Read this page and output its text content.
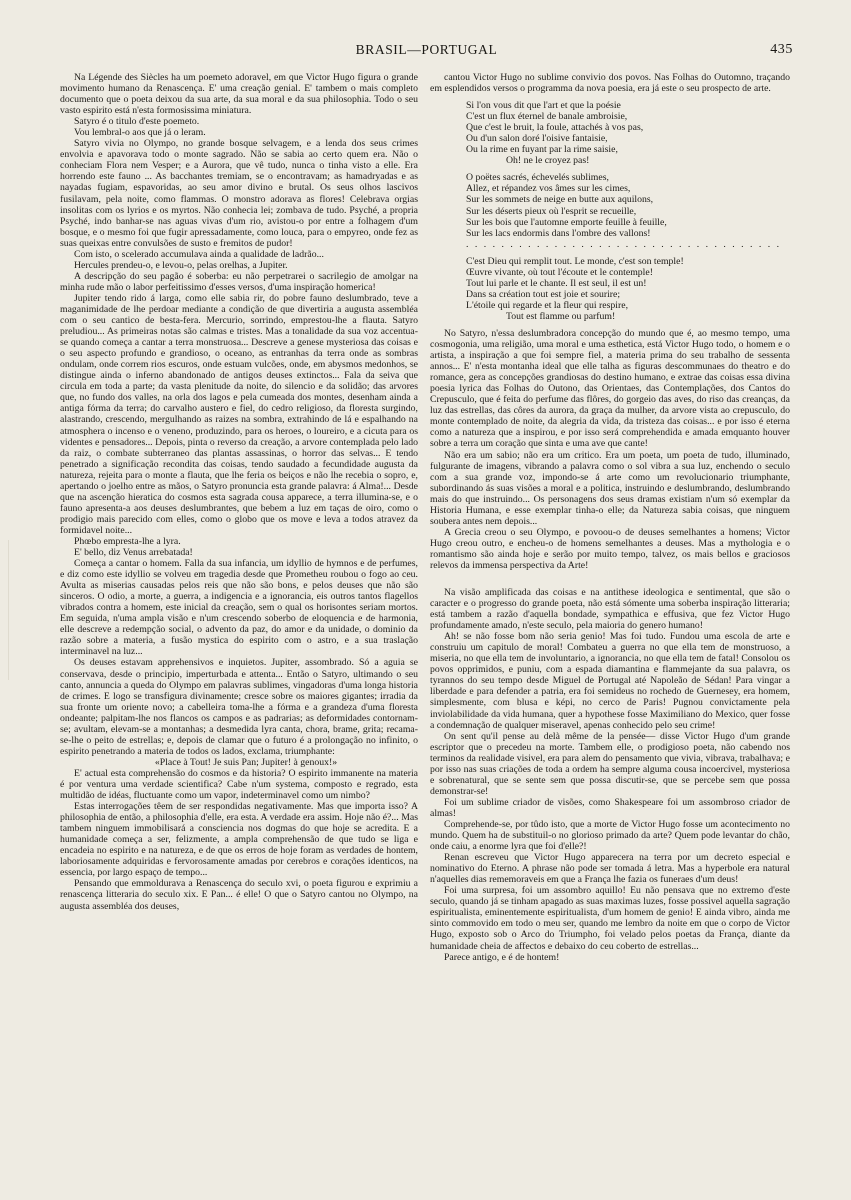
BRASIL—PORTUGAL	435

Na Légende des Siècles ha um poemeto adoravel, em que Victor Hugo figura o grande movimento humano da Renascença. E' uma creação genial. E' tambem o mais completo documento que o poeta deixou da sua arte, da sua moral e da sua philosophia. Todo o seu vasto espirito está n'esta formosissima miniatura.

Satyro é o titulo d'este poemeto.

Vou lembral-o aos que já o leram.

Satyro vivia no Olympo, no grande bosque selvagem, e a lenda dos seus crimes envolvia e apavorava todo o monte sagrado. Não se sabia ao certo quem era. Não o conheciam Flora nem Vesper; e a Aurora, que vê tudo, nunca o tinha visto a elle. Era horrendo este fauno ... As bacchantes tremiam, se o encontravam; as hamadryadas e as nayadas fugiam, espavoridas, ao seu amor divino e brutal. Os seus olhos lascivos fusilavam, pela noite, como flammas. O monstro adorava as flores! Celebrava orgias insolitas com os lyrios e os myrtos. Não conhecia lei; zombava de tudo. Psyché, a propria Psyché, indo banhar-se nas aguas vivas d'um rio, avistou-o por entre a folhagem d'um bosque, e o mesmo foi que fugir apressadamente, como louca, para o empyreo, onde fez as suas queixas entre convulsões de susto e fremitos de pudor!

Com isto, o scelerado accumulava ainda a qualidade de ladrão...

Hercules prendeu-o, e levou-o, pelas orelhas, a Jupiter.

A descripção do seu pagão é soberba: eu não perpetrarei o sacrilegio de amolgar na minha rude mão o labor perfeitissimo d'esses versos, d'uma inspiração homerica!

Jupiter tendo rido á larga, como elle sabia rir, do pobre fauno deslumbrado, teve a maganimidade de lhe perdoar mediante a condição de que divertiria a augusta assembléa com o seu cantico de besta-fera. Mercurio, sorrindo, emprestou-lhe a flauta. Satyro preludiou... As primeiras notas são calmas e tristes. Mas a tonalidade da sua voz accentua-se quando começa a cantar a terra monstruosa... Descreve a genese mysteriosa das coisas e o seu aspecto profundo e grandioso, o oceano, as entranhas da terra onde as sombras ondulam, onde correm rios escuros, onde estuam vulcões, onde, em abysmos medonhos, se distingue ainda o inferno abandonado de antigos deuses extinctos... Fala da seiva que circula em toda a parte; da vasta plenitude da noite, do silencio e da solidão; das arvores que, no fundo dos valles, na orla dos lagos e pela cumeada dos montes, desenham ainda a antiga fórma da terra; do carvalho austero e fiel, do cedro religioso, da floresta surgindo, alastrando, crescendo, mergulhando as raizes na sombra, extrahindo de lá e espalhando na atmosphera o incenso e o veneno, produzindo, para os heroes, o loureiro, e a cicuta para os videntes e pensadores... Depois, pinta o reverso da creação, a arvore contemplada pelo lado da raiz, o combate subterraneo das plantas assassinas, o horror das selvas... E tendo penetrado a significação recondita das coisas, tendo saudado a fecundidade augusta da natureza, rejeita para o monte a flauta, que lhe feria os beiços e não lhe recebia o sopro, e, apertando o joelho entre as mãos, o Satyro pronuncia esta grande palavra: á Alma!... Desde que na ascenção hieratica do cosmos esta sagrada cousa apparece, a terra illumina-se, e o fauno apresenta-a aos deuses deslumbrantes, que bebem a luz em taças de oiro, como o prodigio mais parecido com elles, como o globo que os move e leva a todos atravez da formidavel noite...

Phœbo empresta-lhe a lyra.

E' bello, diz Venus arrebatada!

Começa a cantar o homem. Falla da sua infancia, um idyllio de hymnos e de perfumes, e diz como este idyllio se volveu em tragedia desde que Prometheu roubou o fogo ao ceu. Avulta as miserias causadas pelos reis que não são bons, e pelos deuses que não são sinceros. O odio, a morte, a guerra, a indigencia e a ignorancia, eis outros tantos flagellos vibrados contra a homem, este inicial da creação, sem o qual os horisontes seriam mortos. Em seguida, n'uma ampla visão e n'um crescendo soberbo de eloquencia e de harmonia, elle descreve a redempção social, o advento da paz, do amor e da unidade, o dominio da razão sobre a materia, a fusão mystica do espirito com o astro, e a sua traslação interminavel na luz...

Os deuses estavam apprehensivos e inquietos. Jupiter, assombrado. Só a aguia se conservava, desde o principio, imperturbada e attenta... Então o Satyro, ultimando o seu canto, annuncia a queda do Olympo em palavras sublimes, vingadoras d'uma longa historia de crimes. E logo se transfigura divinamente; cresce sobre os maiores gigantes; irradia da sua fronte um oriente novo; a cabelleira toma-lhe a fórma e a grandeza d'uma floresta ondeante; palpitam-lhe nos flancos os campos e as padrarias; as deformidades contornam-se; avultam, elevam-se a montanhas; a desmedida lyra canta, chora, brame, grita; recama-se-lhe o peito de estrellas; e, depois de clamar que o futuro é a prolongação no infinito, o espirito penetrando a materia de todos os lados, exclama, triumphante:

«Place à Tout! Je suis Pan; Jupiter! à genoux!»

E' actual esta comprehensão do cosmos e da historia? O espirito immanente na materia é por ventura uma verdade scientifica? Cabe n'um systema, composto e regrado, esta multidão de idéas, fluctuante como um vapor, indeterminavel como um nimbo?

Estas interrogações têem de ser respondidas negativamente. Mas que importa isso? A philosophia de então, a philosophia d'elle, era esta. A verdade era assim. Hoje não é?... Mas tambem ninguem immobilisará a consciencia nos dogmas do que hoje se acredita. E a humanidade começa a ser, felizmente, a ampla comprehensão de que tudo se liga e encadeia no espirito e na natureza, e de que os erros de hoje foram as verdades de hontem, laboriosamente adquiridas e fervorosamente amadas por cerebros e corações identicos, na essencia, por largo espaço de tempo...

Pensando que emmoldurava a Renascença do seculo xvi, o poeta figurou e exprimiu a renascença litteraria do seculo xix. E Pan... é elle! O que o Satyro cantou no Olympo, na augusta assembléa dos deuses,

cantou Victor Hugo no sublime convivio dos povos. Nas Folhas do Outomno, traçando em esplendidos versos o programma da nova poesia, era já este o seu prospecto de arte.

Si l'on vous dit que l'art et que la poésie
C'est un flux éternel de banale ambroisie,
Que c'est le bruit, la foule, attachés à vos pas,
Ou d'un salon doré l'oisive fantaisie,
Ou la rime en fuyant par la rime saisie,
Oh! ne le croyez pas!
O poëtes sacrés, échevelés sublimes,
Allez, et répandez vos âmes sur les cimes,
Sur les sommets de neige en butte aux aquilons,
Sur les déserts pieux où l'esprit se recueille,
Sur les bois que l'automne emporte feuille à feuille,
Sur les lacs endormis dans l'ombre des vallons!
. . . . . . . . . . . . . . . . . . . . . . . . . . . . . . . . . . . .
C'est Dieu qui remplit tout. Le monde, c'est son temple!
Œuvre vivante, où tout l'écoute et le contemple!
Tout lui parle et le chante. Il est seul, il est un!
Dans sa création tout est joie et sourire;
L'étoile qui regarde et la fleur qui respire,
Tout est flamme ou parfum!

No Satyro, n'essa deslumbradora concepção do mundo que é, ao mesmo tempo, uma cosmogonia, uma religião, uma moral e uma esthetica, está Victor Hugo todo, o homem e o artista, a inspiração a que foi sempre fiel, a materia prima do seu trabalho de sessenta annos... E' n'esta montanha ideal que elle talha as figuras descommunaes do theatro e do romance, gera as concepções grandiosas do destino humano, e extrae das coisas essa divina poesia lyrica das Folhas do Outono, das Orientaes, das Contemplações, dos Cantos do Crepusculo, que é feita do perfume das flôres, do gorgeio das aves, do riso das creanças, da luz das estrellas, das côres da aurora, da graça da mulher, da arvore vista ao crepusculo, do monte contemplado de noite, da alegria da vida, da tristeza das coisas... e por isso é eterna como a natureza que a inspirou, e por isso será comprehendida e amada emquanto houver sobre a terra um coração que sinta e uma ave que cante!

Não era um sabio; não era um critico. Era um poeta, um poeta de tudo, illuminado, fulgurante de imagens, vibrando a palavra como o sol vibra a sua luz, enchendo o seculo com a sua grande voz, impondo-se á arte como um revolucionario triumphante, subordinando ás suas visões a moral e a politica, instruindo e deslumbrando, deslumbrando mais do que instruindo... Os personagens dos seus dramas existiam n'um só exemplar da Historia Humana, e esse exemplar tinha-o elle; da Natureza sabia coisas, que ninguem soubera antes nem depois...

A Grecia creou o seu Olympo, e povoou-o de deuses semelhantes a homens; Victor Hugo creou outro, e encheu-o de homens semelhantes a deuses. Mas a mythologia e o romantismo são ainda hoje e serão por muito tempo, talvez, os mais bellos e graciosos relevos da immensa perspectiva da Arte!

Na visão amplificada das coisas e na antithese ideologica e sentimental, que são o caracter e o progresso do grande poeta, não está sómente uma soberba inspiração litteraria; está tambem a razão d'aquella bondade, sympathica e effusiva, que fez Victor Hugo profundamente amado, n'este seculo, pela maioria do genero humano!

Ah! se não fosse bom não seria genio! Mas foi tudo. Fundou uma escola de arte e construiu um capitulo de moral! Combateu a guerra no que ella tem de monstruoso, a miseria, no que ella tem de involuntario, a ignorancia, no que ella tem de fatal! Consolou os povos opprimidos, e puniu, com a espada diamantina e flammejante da sua palavra, os tyrannos do seu tempo desde Miguel de Portugal até Napoleão de Sédan! Para vingar a liberdade e para defender a patria, era foi semideus no rochedo de Guernesey, era homem, simplesmente, com blusa e képi, no cerco de Paris! Pugnou convictamente pela inviolabilidade da vida humana, quer a hypothese fosse Maximiliano do Mexico, quer fosse a condemnação de qualquer miseravel, apenas conhecido pelo seu crime!

On sent qu'il pense au delà même de la pensée— disse Victor Hugo d'um grande escriptor que o precedeu na morte. Tambem elle, o prodigioso poeta, não cabendo nos terminos da realidade visivel, era para alem do pensamento que vivia, vibrava, trabalhava; e por isso nas suas criações de toda a ordem ha sempre alguma cousa incoercivel, mysteriosa e sobrenatural, que se sente sem que possa discutir-se, que se percebe sem que possa demonstrar-se!

Foi um sublime criador de visões, como Shakespeare foi um assombroso criador de almas!

Comprehende-se, por tûdo isto, que a morte de Victor Hugo fosse um acontecimento no mundo. Quem ha de substituil-o no glorioso primado da arte? Quem pode levantar do chão, onde caiu, a enorme lyra que foi d'elle?!

Renan escreveu que Victor Hugo apparecera na terra por um decreto especial e nominativo do Eterno. A phrase não pode ser tomada á letra. Mas a hyperbole era natural n'aquelles dias rememoraveis em que a França lhe fazia os funeraes d'um deus!

Foi uma surpresa, foi um assombro aquillo! Eu não pensava que no extremo d'este seculo, quando já se tinham apagado as suas maximas luzes, fosse possivel aquella sagração espiritualista, eminentemente espiritualista, d'um homem de genio! E ainda vibro, ainda me sinto commovido em todo o meu ser, quando me lembro da noite em que o corpo de Victor Hugo, exposto sob o Arco do Triumpho, foi velado pelos poetas da França, diante da humanidade cheia de affectos e debaixo do ceu coberto de estrellas...

Parece antigo, e é de hontem!
